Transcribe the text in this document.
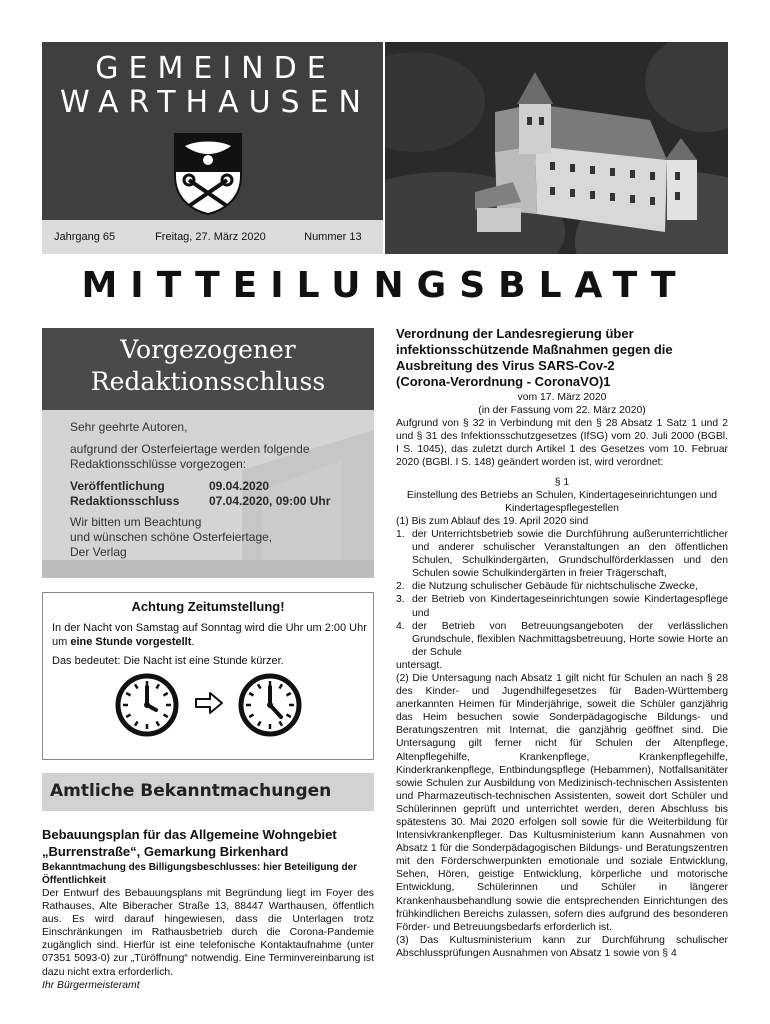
GEMEINDE
WARTHAUSEN
Jahrgang 65	Freitag, 27. März 2020	Nummer 13
MITTEILUNGSBLATT
Vorgezogener
Redaktionsschluss

Sehr geehrte Autoren,

aufgrund der Osterfeiertage werden folgende Redaktionsschlüsse vorgezogen:

Veröffentlichung	09.04.2020
Redaktionsschluss	07.04.2020, 09:00 Uhr
Wir bitten um Beachtung
und wünschen schöne Osterfeiertage,
Der Verlag
Achtung Zeitumstellung!

In der Nacht von Samstag auf Sonntag wird die Uhr um 2:00 Uhr um eine Stunde vorgestellt.

Das bedeutet: Die Nacht ist eine Stunde kürzer.

Amtliche Bekanntmachungen
Bebauungsplan für das Allgemeine Wohngebiet
„Burrenstraße“, Gemarkung Birkenhard

Bekanntmachung des Billigungsbeschlusses: hier Beteiligung der Öffentlichkeit

Der Entwurf des Bebauungsplans mit Begründung liegt im Foyer des Rathauses, Alte Biberacher Straße 13, 88447 Warthausen, öffentlich aus. Es wird darauf hingewiesen, dass die Unterlagen trotz Einschränkungen im Rathausbetrieb durch die Corona-Pandemie zugänglich sind. Hierfür ist eine telefonische Kontaktaufnahme (unter 07351 5093-0) zur „Türöffnung“ notwendig. Eine Terminvereinbarung ist dazu nicht extra erforderlich.

Ihr Bürgermeisteramt

Verordnung der Landesregierung über
infektionsschützende Maßnahmen gegen die
Ausbreitung des Virus SARS-Cov-2
(Corona-Verordnung - CoronaVO)1

vom 17. März 2020

(in der Fassung vom 22. März 2020)

Aufgrund von § 32 in Verbindung mit den § 28 Absatz 1 Satz 1 und 2 und § 31 des Infektionsschutzgesetzes (IfSG) vom 20. Juli 2000 (BGBl. I S. 1045), das zuletzt durch Artikel 1 des Gesetzes vom 10. Februar 2020 (BGBl. I S. 148) geändert worden ist, wird verordnet:

§ 1

Einstellung des Betriebs an Schulen, Kindertageseinrichtungen und Kindertagespflegestellen

(1) Bis zum Ablauf des 19. April 2020 sind

1. der Unterrichtsbetrieb sowie die Durchführung außerunterrichtlicher und anderer schulischer Veranstaltungen an den öffentlichen Schulen, Schulkindergärten, Grundschulförderklassen und den Schulen sowie Schulkindergärten in freier Trägerschaft,
2. die Nutzung schulischer Gebäude für nichtschulische Zwecke,
3. der Betrieb von Kindertageseinrichtungen sowie Kindertagespflege und
4. der Betrieb von Betreuungsangeboten der verlässlichen Grundschule, flexiblen Nachmittagsbetreuung, Horte sowie Horte an der Schule

untersagt.

(2) Die Untersagung nach Absatz 1 gilt nicht für Schulen an nach § 28 des Kinder- und Jugendhilfegesetzes für Baden-Württemberg anerkannten Heimen für Minderjährige, soweit die Schüler ganzjährig das Heim besuchen sowie Sonderpädagogische Bildungs- und Beratungszentren mit Internat, die ganzjährig geöffnet sind. Die Untersagung gilt ferner nicht für Schulen der Altenpflege, Altenpflegehilfe, Krankenpflege, Krankenpflegehilfe, Kinderkrankenpflege, Entbindungspflege (Hebammen), Notfallsanitäter sowie Schulen zur Ausbildung von Medizinisch-technischen Assistenten und Pharmazeutisch-technischen Assistenten, soweit dort Schüler und Schülerinnen geprüft und unterrichtet werden, deren Abschluss bis spätestens 30. Mai 2020 erfolgen soll sowie für die Weiterbildung für Intensivkrankenpfleger. Das Kultusministerium kann Ausnahmen von Absatz 1 für die Sonderpädagogischen Bildungs- und Beratungszentren mit den Förderschwerpunkten emotionale und soziale Entwicklung, Sehen, Hören, geistige Entwicklung, körperliche und motorische Entwicklung, Schülerinnen und Schüler in längerer Krankenhausbehandlung sowie die entsprechenden Einrichtungen des frühkindlichen Bereichs zulassen, sofern dies aufgrund des besonderen Förder- und Betreuungsbedarfs erforderlich ist.

(3) Das Kultusministerium kann zur Durchführung schulischer Abschlussprüfungen Ausnahmen von Absatz 1 sowie von § 4
